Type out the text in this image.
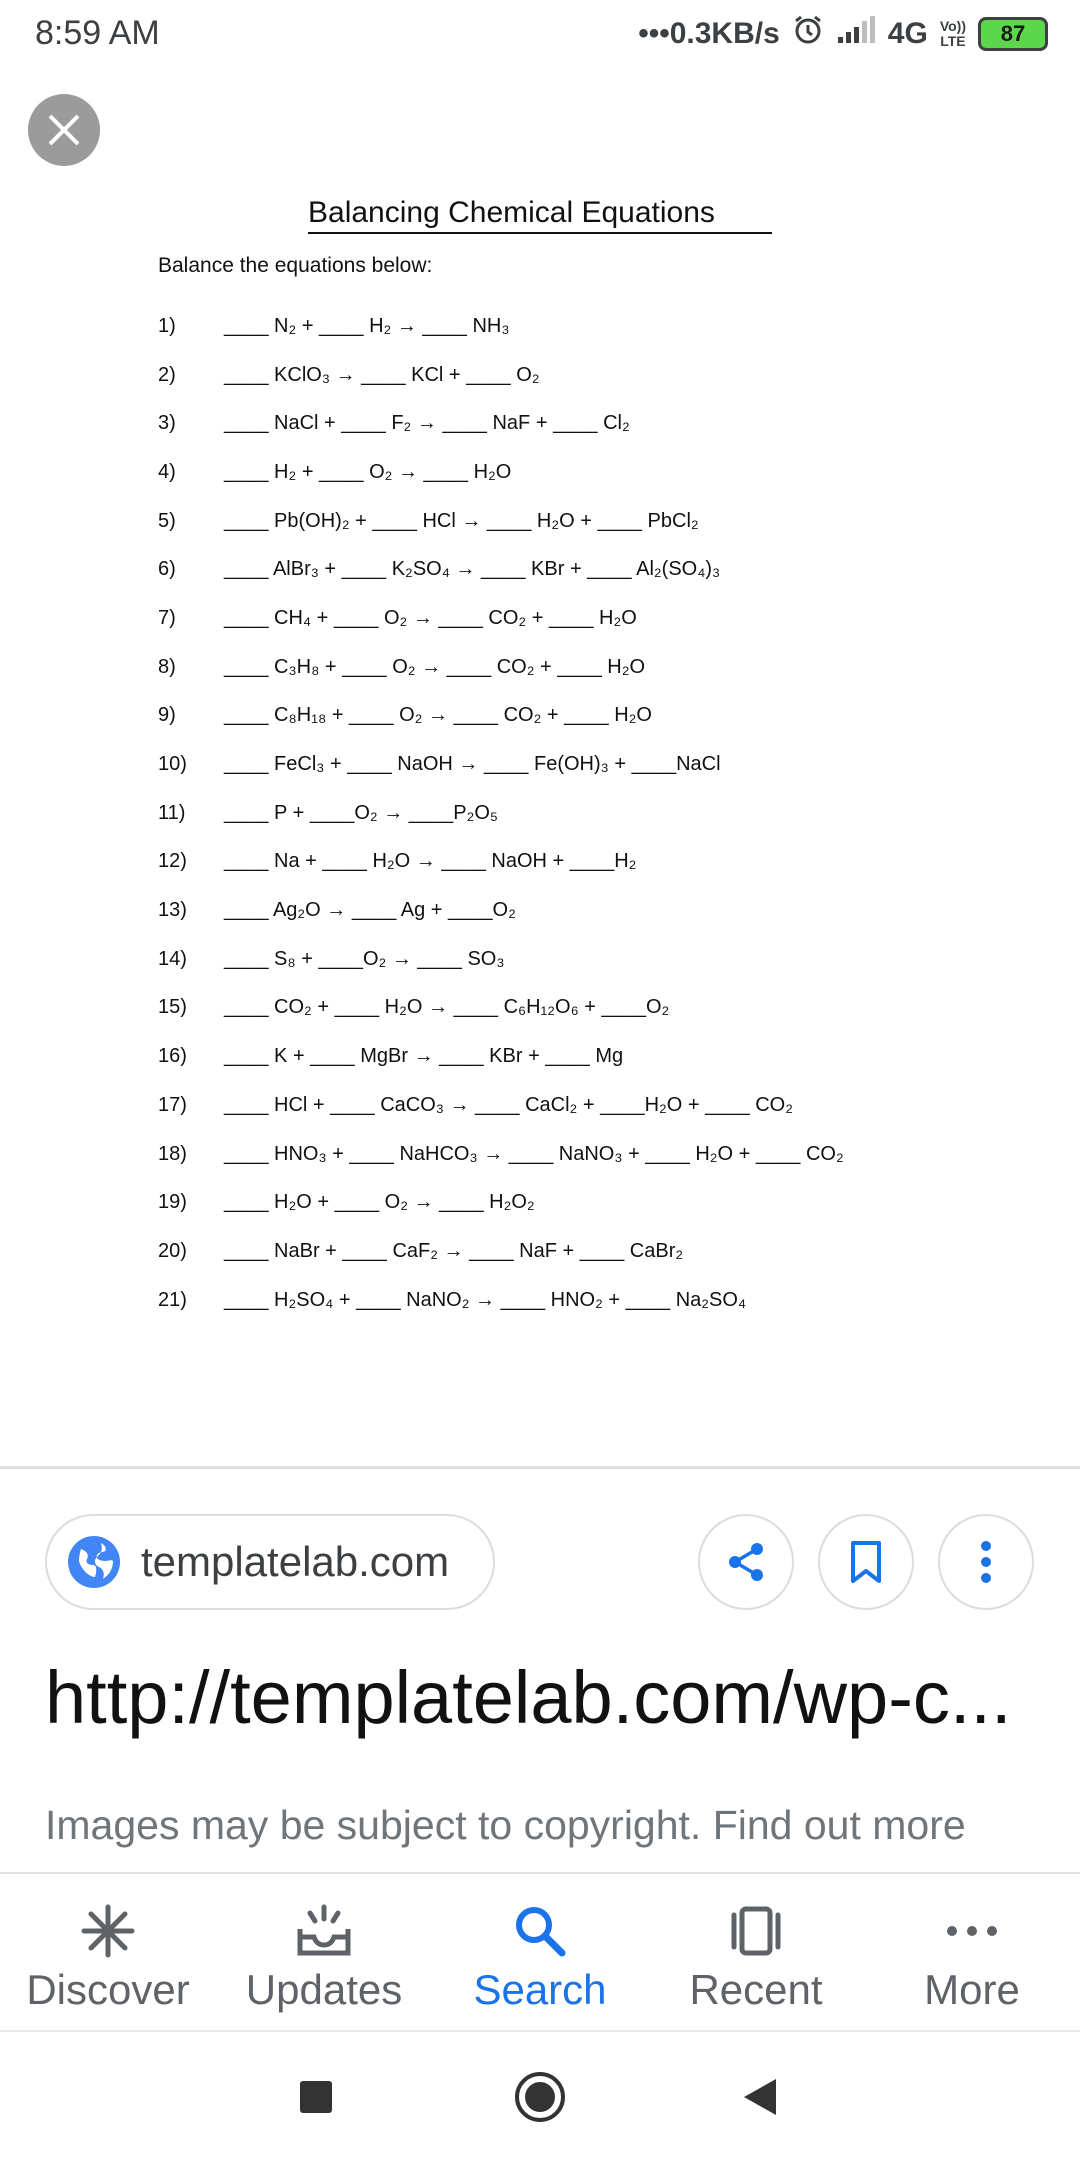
8:59 AM	•••0.3KB/s	4G Vo))
LTE 87
Balancing Chemical Equations
Balance the equations below:
1)	____ N₂ + ____ H₂ → ____ NH₃
2)	____ KClO₃ → ____ KCl + ____ O₂
3)	____ NaCl + ____ F₂ → ____ NaF + ____ Cl₂
4)	____ H₂ + ____ O₂ → ____ H₂O
5)	____ Pb(OH)₂ + ____ HCl → ____ H₂O + ____ PbCl₂
6)	____ AlBr₃ + ____ K₂SO₄ → ____ KBr + ____ Al₂(SO₄)₃
7)	____ CH₄ + ____ O₂ → ____ CO₂ + ____ H₂O
8)	____ C₃H₈ + ____ O₂ → ____ CO₂ + ____ H₂O
9)	____ C₈H₁₈ + ____ O₂ → ____ CO₂ + ____ H₂O
10)	____ FeCl₃ + ____ NaOH → ____ Fe(OH)₃ + ____NaCl
11)	____ P + ____O₂ → ____P₂O₅
12)	____ Na + ____ H₂O → ____ NaOH + ____H₂
13)	____ Ag₂O → ____ Ag + ____O₂
14)	____ S₈ + ____O₂ → ____ SO₃
15)	____ CO₂ + ____ H₂O → ____ C₆H₁₂O₆ + ____O₂
16)	____ K + ____ MgBr → ____ KBr + ____ Mg
17)	____ HCl + ____ CaCO₃ → ____ CaCl₂ + ____H₂O + ____ CO₂
18)	____ HNO₃ + ____ NaHCO₃ → ____ NaNO₃ + ____ H₂O + ____ CO₂
19)	____ H₂O + ____ O₂ → ____ H₂O₂
20)	____ NaBr + ____ CaF₂ → ____ NaF + ____ CaBr₂
21)	____ H₂SO₄ + ____ NaNO₂ → ____ HNO₂ + ____ Na₂SO₄
templatelab.com
http://templatelab.com/wp-c...
Images may be subject to copyright. Find out more
Discover Updates Search Recent More
